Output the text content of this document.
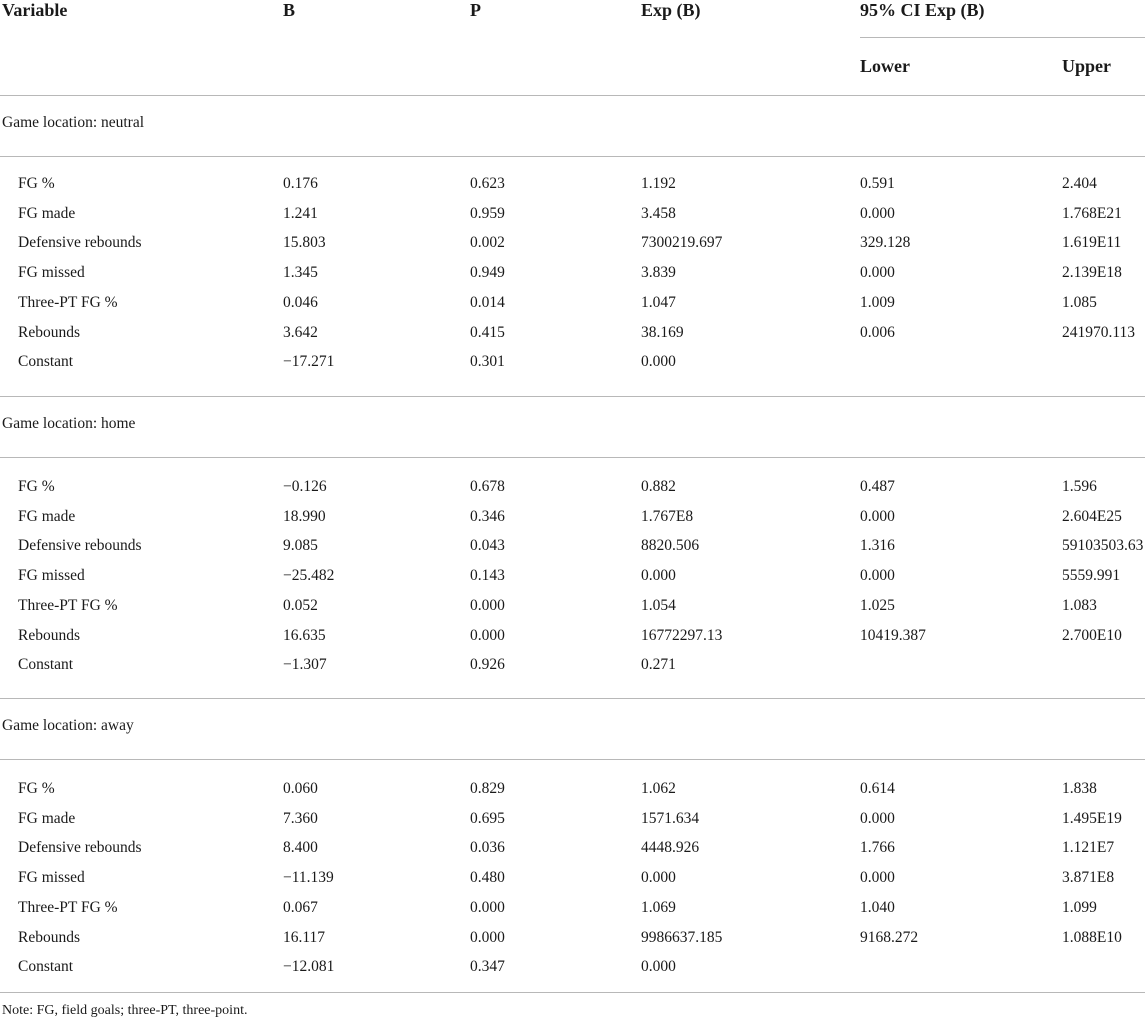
Variable	B	P	Exp (B)	95% CI Exp (B)
Lower	Upper
Game location: neutral
FG %	0.176	0.623	1.192	0.591	2.404
FG made	1.241	0.959	3.458	0.000	1.768E21
Defensive rebounds	15.803	0.002	7300219.697	329.128	1.619E11
FG missed	1.345	0.949	3.839	0.000	2.139E18
Three-PT FG %	0.046	0.014	1.047	1.009	1.085
Rebounds	3.642	0.415	38.169	0.006	241970.113
Constant	−17.271	0.301	0.000
Game location: home
FG %	−0.126	0.678	0.882	0.487	1.596
FG made	18.990	0.346	1.767E8	0.000	2.604E25
Defensive rebounds	9.085	0.043	8820.506	1.316	59103503.63
FG missed	−25.482	0.143	0.000	0.000	5559.991
Three-PT FG %	0.052	0.000	1.054	1.025	1.083
Rebounds	16.635	0.000	16772297.13	10419.387	2.700E10
Constant	−1.307	0.926	0.271
Game location: away
FG %	0.060	0.829	1.062	0.614	1.838
FG made	7.360	0.695	1571.634	0.000	1.495E19
Defensive rebounds	8.400	0.036	4448.926	1.766	1.121E7
FG missed	−11.139	0.480	0.000	0.000	3.871E8
Three-PT FG %	0.067	0.000	1.069	1.040	1.099
Rebounds	16.117	0.000	9986637.185	9168.272	1.088E10
Constant	−12.081	0.347	0.000
Note: FG, field goals; three-PT, three-point.
